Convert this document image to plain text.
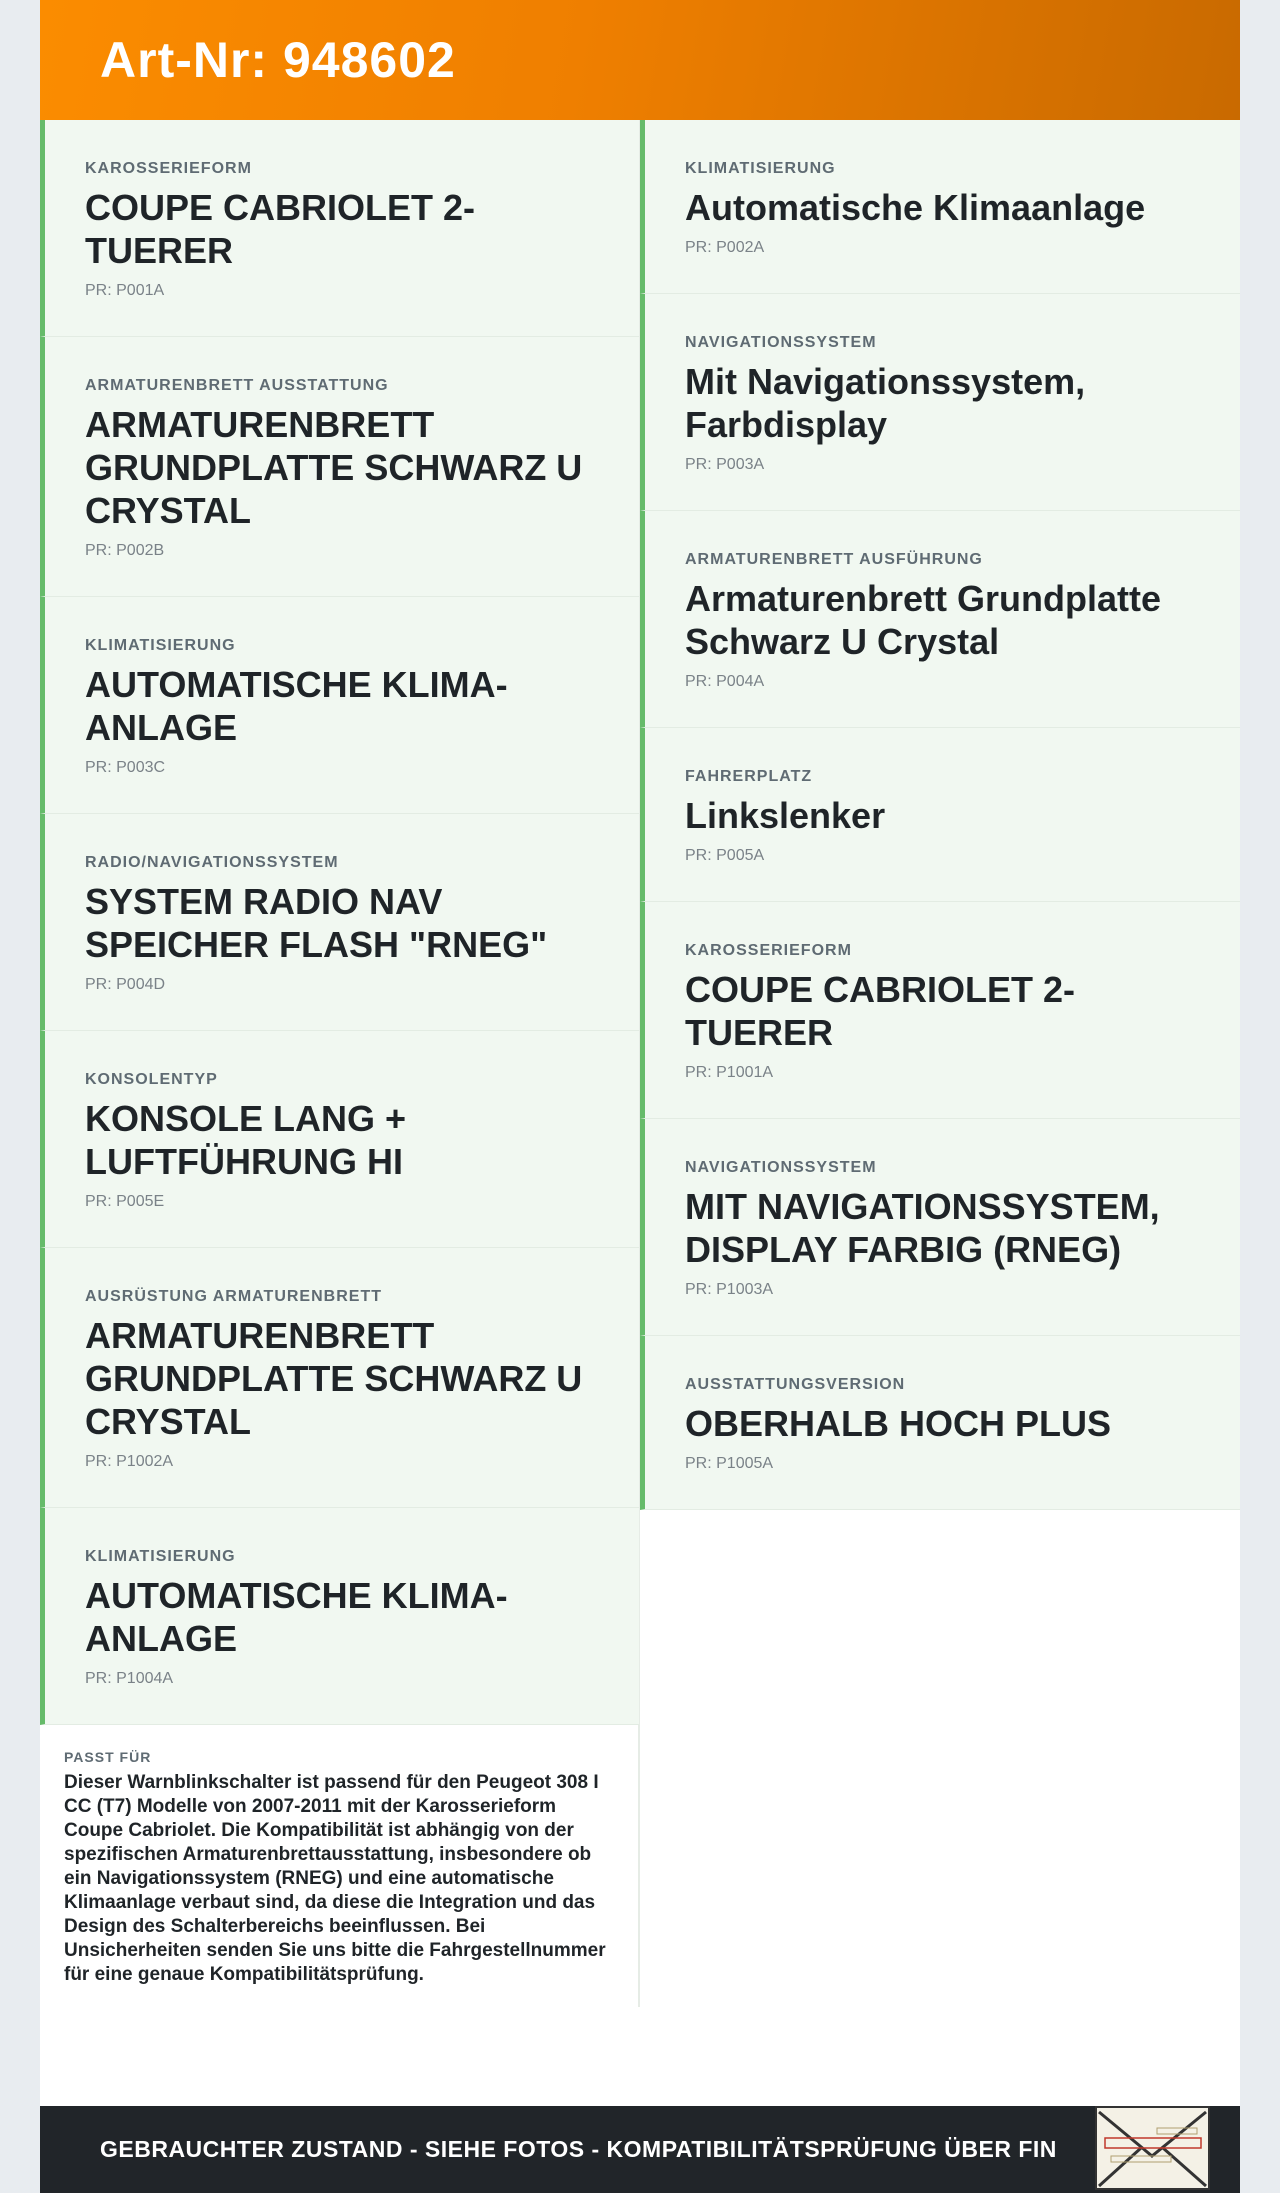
Art-Nr: 948602
KAROSSERIEFORM
COUPE CABRIOLET 2-TUERER
PR: P001A
ARMATURENBRETT AUSSTATTUNG
ARMATURENBRETT GRUNDPLATTE SCHWARZ U CRYSTAL
PR: P002B
KLIMATISIERUNG
AUTOMATISCHE KLIMA-ANLAGE
PR: P003C
RADIO/NAVIGATIONSSYSTEM
SYSTEM RADIO NAV SPEICHER FLASH "RNEG"
PR: P004D
KONSOLENTYP
KONSOLE LANG + LUFTFÜHRUNG HI
PR: P005E
AUSRÜSTUNG ARMATURENBRETT
ARMATURENBRETT GRUNDPLATTE SCHWARZ U CRYSTAL
PR: P1002A
KLIMATISIERUNG
AUTOMATISCHE KLIMA-ANLAGE
PR: P1004A
PASST FÜR
Dieser Warnblinkschalter ist passend für den Peugeot 308 I CC (T7) Modelle von 2007-2011 mit der Karosserieform Coupe Cabriolet. Die Kompatibilität ist abhängig von der spezifischen Armaturenbrettausstattung, insbesondere ob ein Navigationssystem (RNEG) und eine automatische Klimaanlage verbaut sind, da diese die Integration und das Design des Schalterbereichs beeinflussen. Bei Unsicherheiten senden Sie uns bitte die Fahrgestellnummer für eine genaue Kompatibilitätsprüfung.
KLIMATISIERUNG
Automatische Klimaanlage
PR: P002A
NAVIGATIONSSYSTEM
Mit Navigationssystem, Farbdisplay
PR: P003A
ARMATURENBRETT AUSFÜHRUNG
Armaturenbrett Grundplatte Schwarz U Crystal
PR: P004A
FAHRERPLATZ
Linkslenker
PR: P005A
KAROSSERIEFORM
COUPE CABRIOLET 2-TUERER
PR: P1001A
NAVIGATIONSSYSTEM
MIT NAVIGATIONSSYSTEM, DISPLAY FARBIG (RNEG)
PR: P1003A
AUSSTATTUNGSVERSION
OBERHALB HOCH PLUS
PR: P1005A
GEBRAUCHTER ZUSTAND - SIEHE FOTOS - KOMPATIBILITÄTSPRÜFUNG ÜBER FIN
